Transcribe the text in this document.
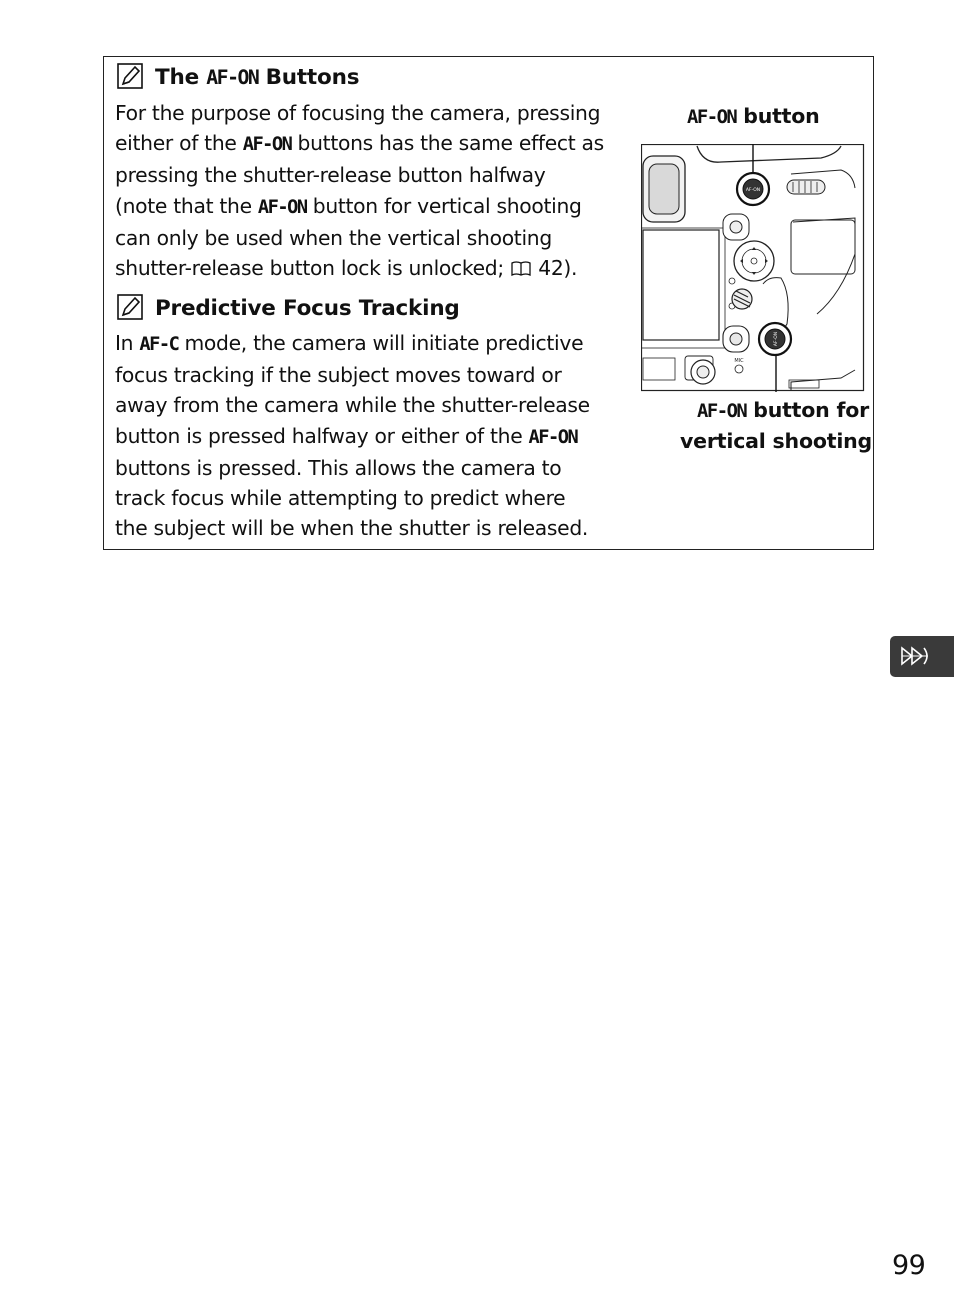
The AF-ON Buttons
For the purpose of focusing the camera, pressing
either of the AF-ON buttons has the same effect as
pressing the shutter-release button halfway
(note that the AF-ON button for vertical shooting
can only be used when the vertical shooting
shutter-release button lock is unlocked;  42).
Predictive Focus Tracking
In AF-C mode, the camera will initiate predictive
focus tracking if the subject moves toward or
away from the camera while the shutter-release
button is pressed halfway or either of the AF-ON
buttons is pressed. This allows the camera to
track focus while attempting to predict where
the subject will be when the shutter is released.
AF-ON button
AF-ON
AF-ON
MIC
AF-ON button for
vertical shooting
99
